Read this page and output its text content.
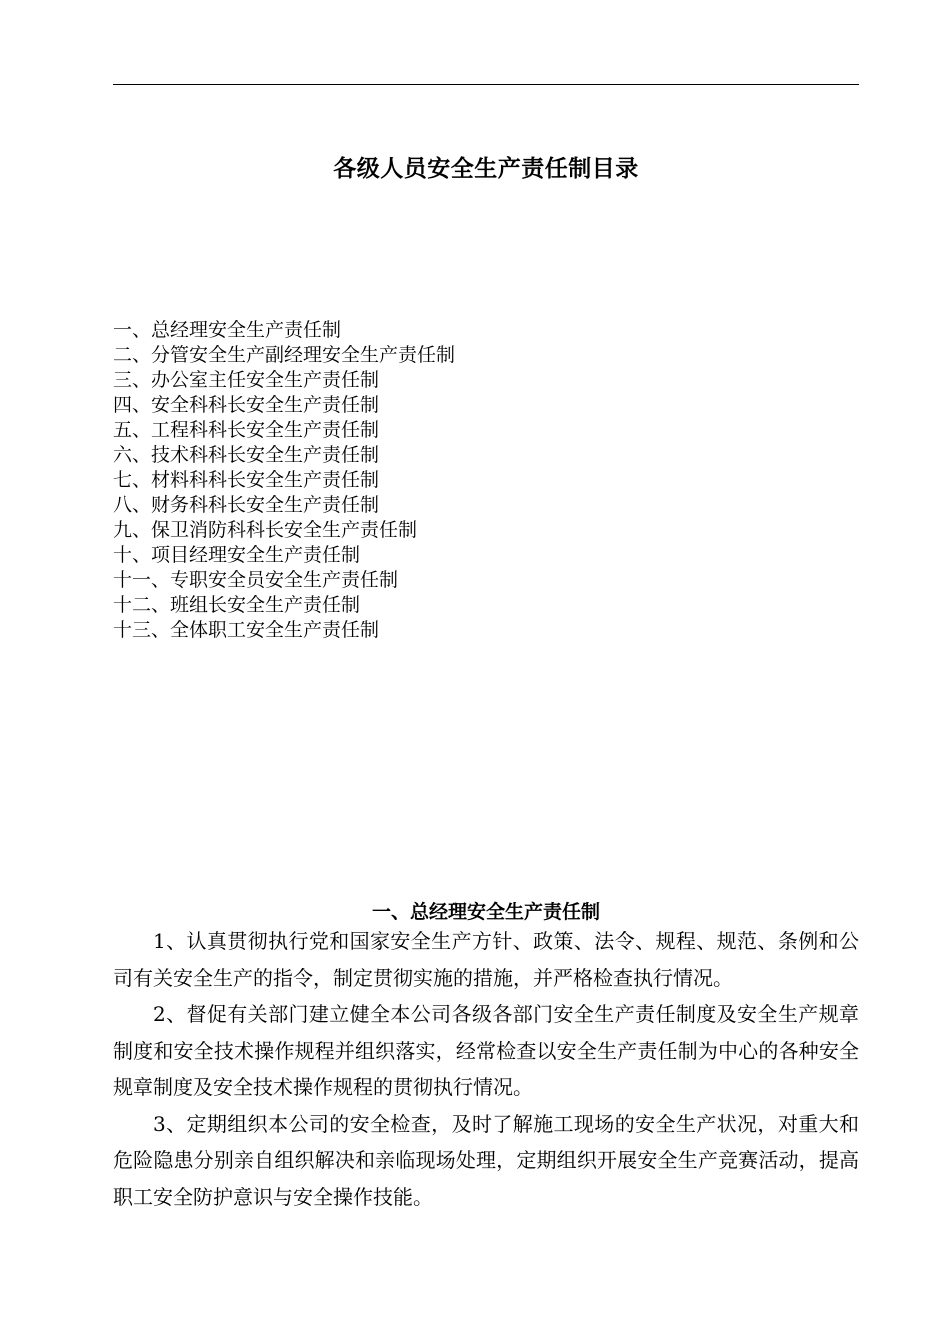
各级人员安全生产责任制目录
一、总经理安全生产责任制
二、分管安全生产副经理安全生产责任制
三、办公室主任安全生产责任制
四、安全科科长安全生产责任制
五、工程科科长安全生产责任制
六、技术科科长安全生产责任制
七、材料科科长安全生产责任制
八、财务科科长安全生产责任制
九、保卫消防科科长安全生产责任制
十、项目经理安全生产责任制
十一、专职安全员安全生产责任制
十二、班组长安全生产责任制
十三、全体职工安全生产责任制
一、总经理安全生产责任制

1、认真贯彻执行党和国家安全生产方针、政策、法令、规程、规范、条例和公司有关安全生产的指令，制定贯彻实施的措施，并严格检查执行情况。

2、督促有关部门建立健全本公司各级各部门安全生产责任制度及安全生产规章制度和安全技术操作规程并组织落实，经常检查以安全生产责任制为中心的各种安全规章制度及安全技术操作规程的贯彻执行情况。

3、定期组织本公司的安全检查，及时了解施工现场的安全生产状况，对重大和危险隐患分别亲自组织解决和亲临现场处理，定期组织开展安全生产竞赛活动，提高职工安全防护意识与安全操作技能。
